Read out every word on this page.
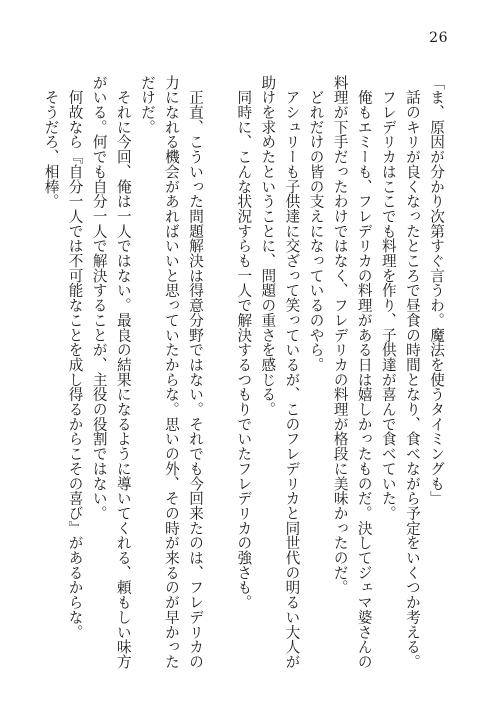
26

「ま、原因が分かり次第すぐ言うわ。魔法を使うタイミングも」

　話のキリが良くなったところで昼食の時間となり、食べながら予定をいくつか考える。

　フレデリカはここでも料理を作り、子供達が喜んで食べていた。

　俺もエミーも、フレデリカの料理がある日は嬉しかったものだ。決してジェマ婆さんの料理が下手だったわけではなく、フレデリカの料理が格段に美味かったのだ。

　どれだけの皆の支えになっているのやら。

　アシュリーも子供達に交ざって笑っているが、このフレデリカと同世代の明るい大人が助けを求めたということに、問題の重さを感じる。

　同時に、こんな状況すらも一人で解決するつもりでいたフレデリカの強さも。

　正直、こういった問題解決は得意分野ではない。それでも今回来たのは、フレデリカの力になれる機会があればいいと思っていたからな。思いの外、その時が来るのが早かっただけだ。

　それに今回、俺は一人ではない。最良の結果になるように導いてくれる、頼もしい味方がいる。何でも自分一人で解決することが、主役の役割ではない。

　何故なら『自分一人では不可能なことを成し得るからこその喜び』があるからな。

　そうだろ、相棒。
